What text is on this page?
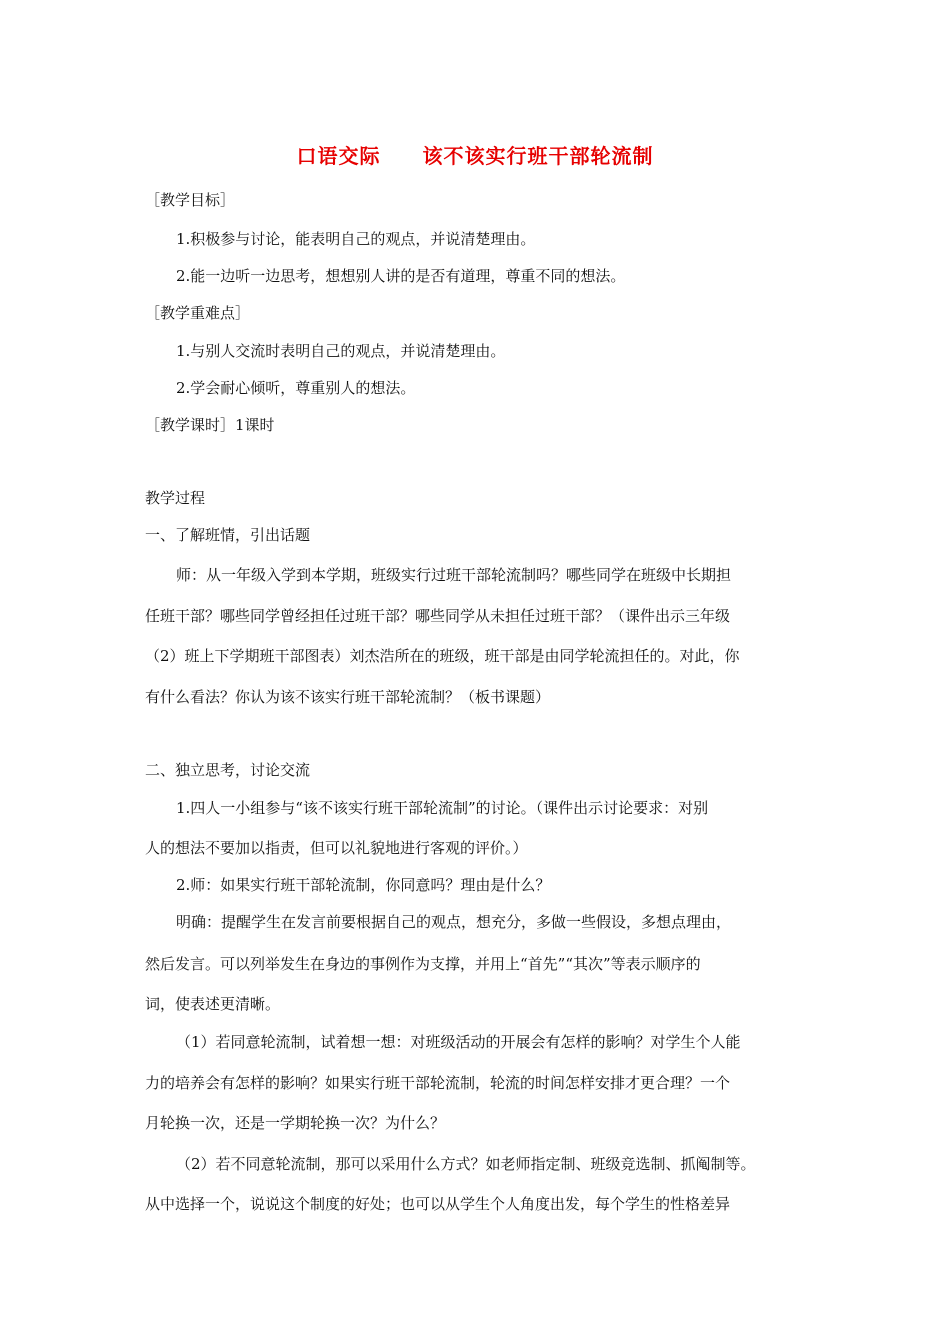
口语交际　　该不该实行班干部轮流制
［教学目标］
1.积极参与讨论，能表明自己的观点，并说清楚理由。
2.能一边听一边思考，想想别人讲的是否有道理，尊重不同的想法。
［教学重难点］
1.与别人交流时表明自己的观点，并说清楚理由。
2.学会耐心倾听，尊重别人的想法。
［教学课时］1课时
教学过程
一、了解班情，引出话题
师：从一年级入学到本学期，班级实行过班干部轮流制吗？哪些同学在班级中长期担
任班干部？哪些同学曾经担任过班干部？哪些同学从未担任过班干部？（课件出示三年级
（2）班上下学期班干部图表）刘杰浩所在的班级，班干部是由同学轮流担任的。对此，你
有什么看法？你认为该不该实行班干部轮流制？（板书课题）
二、独立思考，讨论交流
1.四人一小组参与“该不该实行班干部轮流制”的讨论。（课件出示讨论要求：对别
人的想法不要加以指责，但可以礼貌地进行客观的评价。）
2.师：如果实行班干部轮流制，你同意吗？理由是什么？
明确：提醒学生在发言前要根据自己的观点，想充分，多做一些假设，多想点理由，
然后发言。可以列举发生在身边的事例作为支撑，并用上“首先”“其次”等表示顺序的
词，使表述更清晰。
（1）若同意轮流制，试着想一想：对班级活动的开展会有怎样的影响？对学生个人能
力的培养会有怎样的影响？如果实行班干部轮流制，轮流的时间怎样安排才更合理？一个
月轮换一次，还是一学期轮换一次？为什么？
（2）若不同意轮流制，那可以采用什么方式？如老师指定制、班级竞选制、抓阄制等。
从中选择一个，说说这个制度的好处；也可以从学生个人角度出发，每个学生的性格差异
